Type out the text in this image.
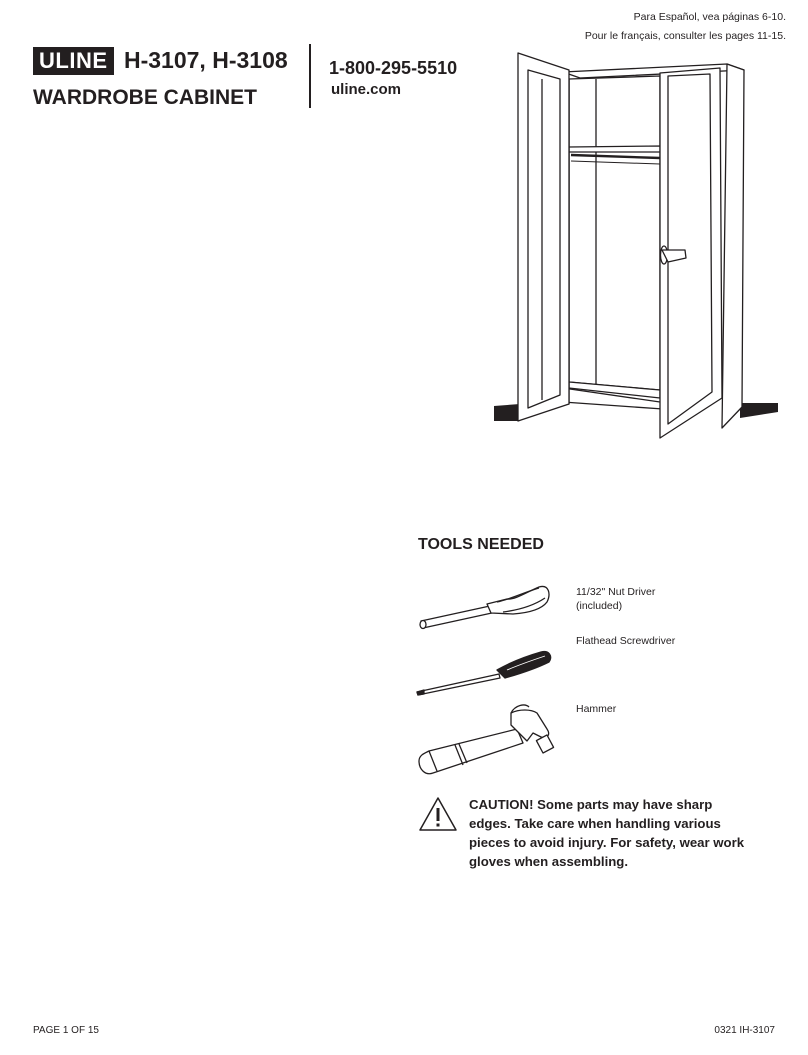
Para Español, vea páginas 6-10.
Pour le français, consulter les pages 11-15.
ULINE H-3107, H-3108
WARDROBE CABINET
1-800-295-5510
uline.com
TOOLS NEEDED
11/32" Nut Driver
(included)
Flathead Screwdriver
Hammer
CAUTION! Some parts may have sharp
edges. Take care when handling various
pieces to avoid injury. For safety, wear work
gloves when assembling.
PAGE 1 OF 15	0321 IH-3107
